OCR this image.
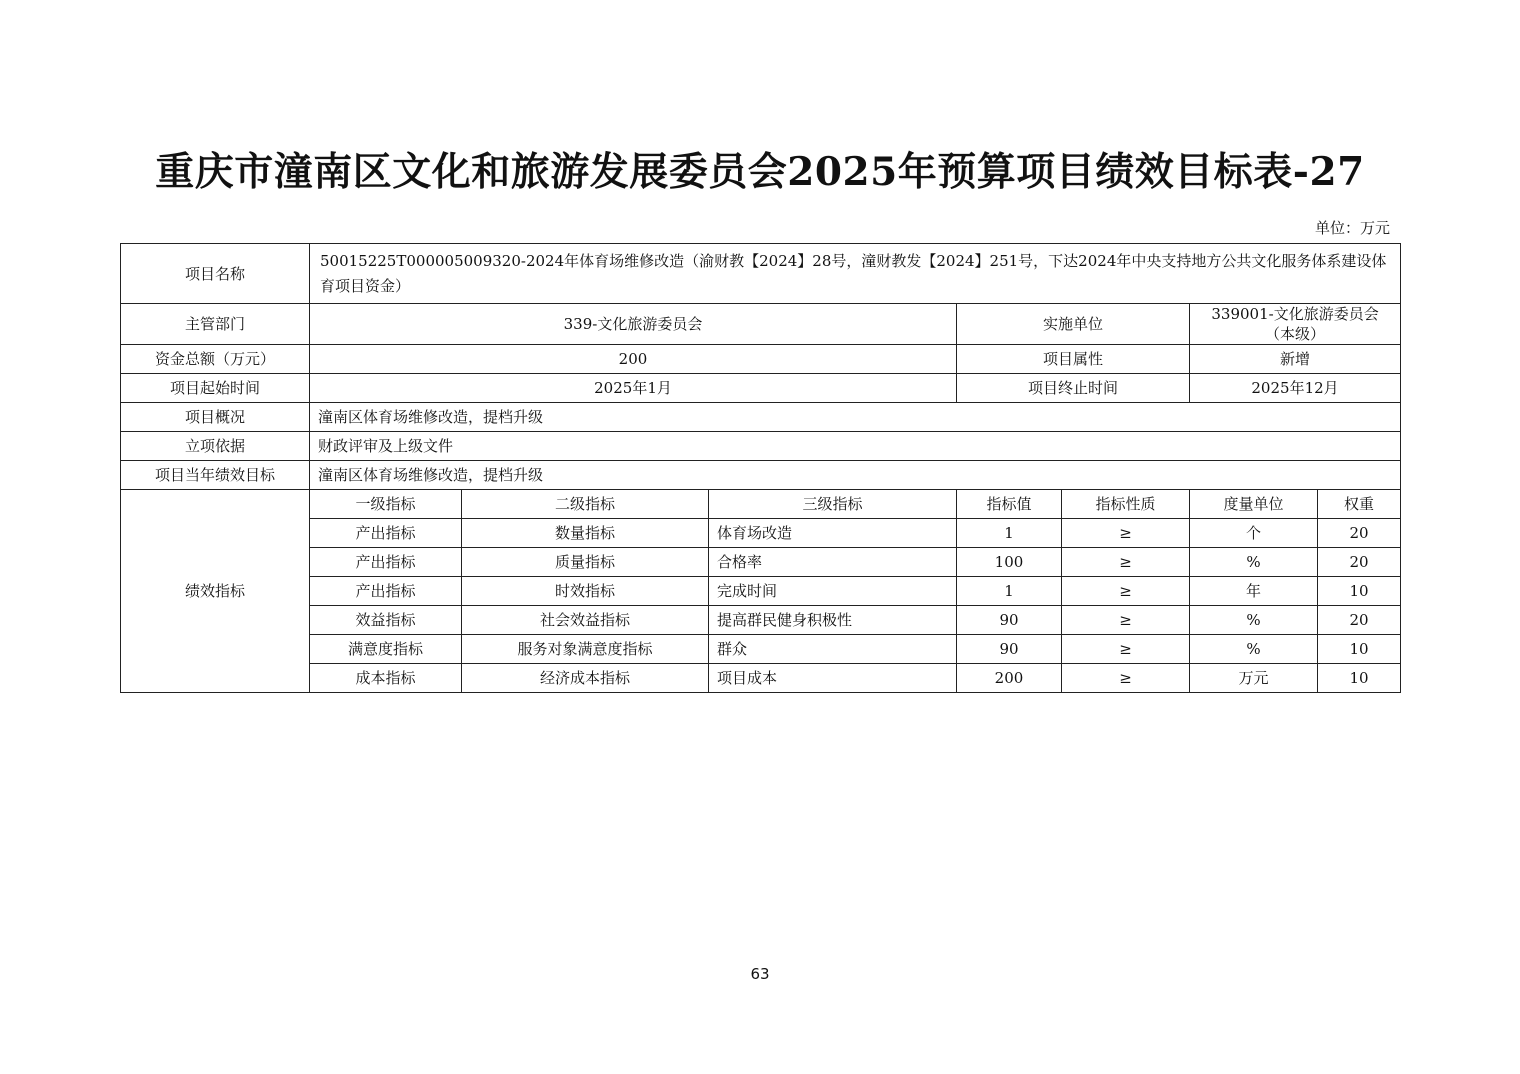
重庆市潼南区文化和旅游发展委员会2025年预算项目绩效目标表-27
单位：万元
项目名称	50015225T000005009320-2024年体育场维修改造（渝财教【2024】28号，潼财教发【2024】251号，下达2024年中央支持地方公共文化服务体系建设体育项目资金）						
主管部门	339-文化旅游委员会			实施单位		339001-文化旅游委员会（本级）	
资金总额（万元）	200			项目属性		新增	
项目起始时间	2025年1月			项目终止时间		2025年12月	
项目概况	潼南区体育场维修改造，提档升级						
立项依据	财政评审及上级文件						
项目当年绩效目标	潼南区体育场维修改造，提档升级						
绩效指标	一级指标	二级指标	三级指标	指标值	指标性质	度量单位	权重
	产出指标	数量指标	体育场改造	1	≥	个	20
	产出指标	质量指标	合格率	100	≥	%	20
	产出指标	时效指标	完成时间	1	≥	年	10
	效益指标	社会效益指标	提高群民健身积极性	90	≥	%	20
	满意度指标	服务对象满意度指标	群众	90	≥	%	10
	成本指标	经济成本指标	项目成本	200	≥	万元	10
63
